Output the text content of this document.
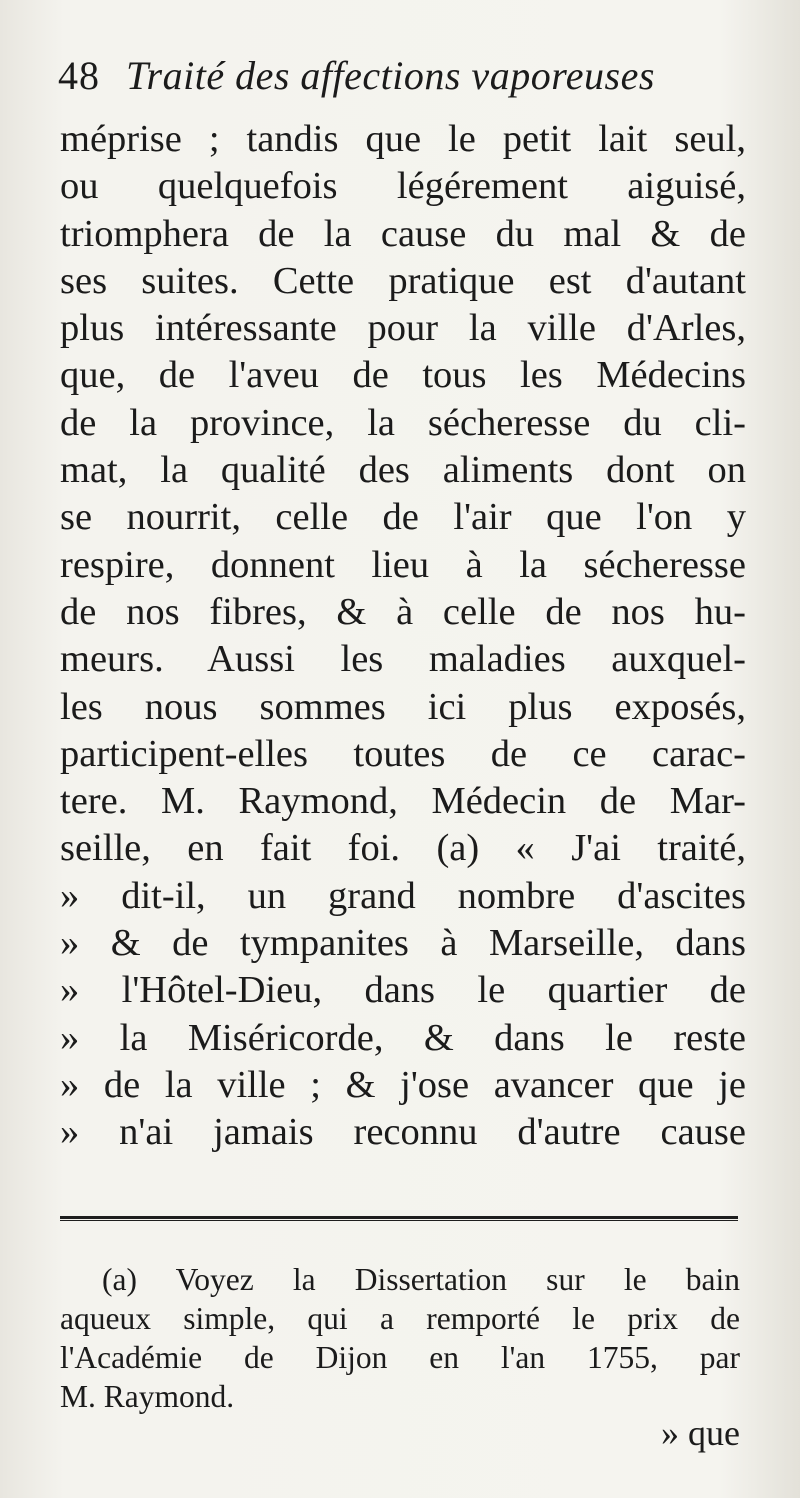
48 Traité des affections vaporeuses
méprise ; tandis que le petit lait seul,
ou quelquefois légérement aiguisé,
triomphera de la cause du mal & de
ses suites. Cette pratique est d'autant
plus intéressante pour la ville d'Arles,
que, de l'aveu de tous les Médecins
de la province, la sécheresse du cli-
mat, la qualité des aliments dont on
se nourrit, celle de l'air que l'on y
respire, donnent lieu à la sécheresse
de nos fibres, & à celle de nos hu-
meurs. Aussi les maladies auxquel-
les nous sommes ici plus exposés,
participent-elles toutes de ce carac-
tere. M. Raymond, Médecin de Mar-
seille, en fait foi. (a) « J'ai traité,
» dit-il, un grand nombre d'ascites
» & de tympanites à Marseille, dans
» l'Hôtel-Dieu, dans le quartier de
» la Miséricorde, & dans le reste
» de la ville ; & j'ose avancer que je
» n'ai jamais reconnu d'autre cause
(a) Voyez la Dissertation sur le bain
aqueux simple, qui a remporté le prix de
l'Académie de Dijon en l'an 1755, par
M. Raymond.
» que
